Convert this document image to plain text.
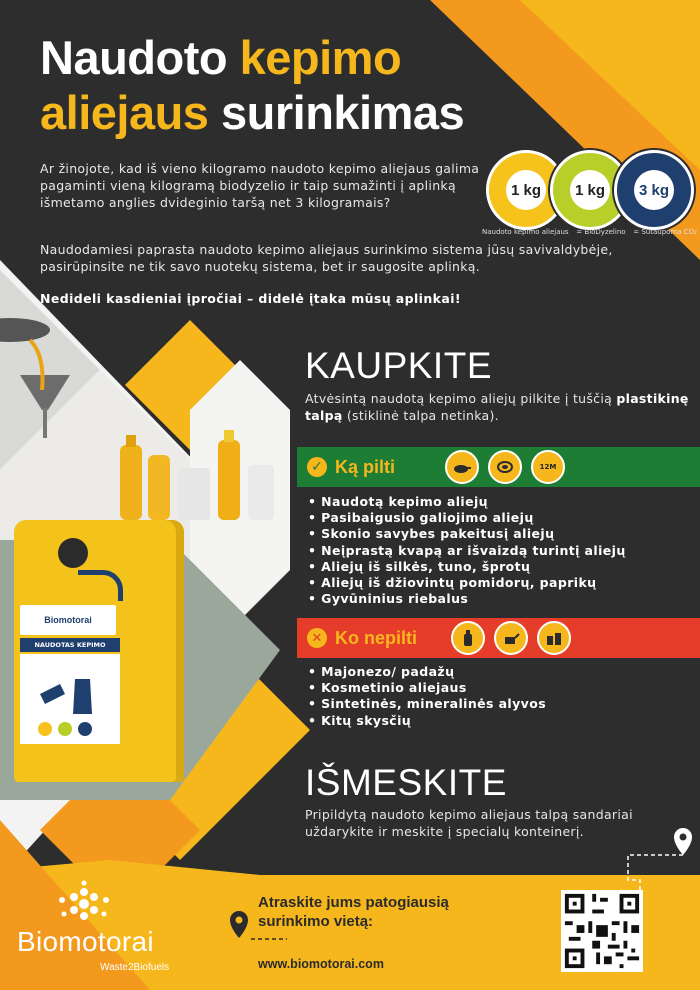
Biomotorai
NAUDOTAS KEPIMO
Naudoto kepimo
aliejaus surinkimas
Ar žinojote, kad iš vieno kilogramo naudoto kepimo aliejaus galima pagaminti vieną kilogramą biodyzelio ir taip sumažinti į aplinką išmetamo anglies dvideginio taršą net 3 kilogramais?
1 kg	1 kg	3 kg
Naudoto kepimo aliejaus = BioDyzelino = Sutaupoma CO₂
Naudodamiesi paprasta naudoto kepimo aliejaus surinkimo sistema jūsų savivaldybėje, pasirūpinsite ne tik savo nuotekų sistema, bet ir saugosite aplinką.
Nedideli kasdieniai įpročiai – didelė įtaka mūsų aplinkai!
KAUPKITE
Atvėsintą naudotą kepimo aliejų pilkite į tuščią plastikinę talpą (stiklinė talpa netinka).
✓ Ką pilti	12M
• Naudotą kepimo aliejų
• Pasibaigusio galiojimo aliejų
• Skonio savybes pakeitusį aliejų
• Neįprastą kvapą ar išvaizdą turintį aliejų
• Aliejų iš silkės, tuno, šprotų
• Aliejų iš džiovintų pomidorų, paprikų
• Gyvūninius riebalus
✕ Ko nepilti
• Majonezo/ padažų
• Kosmetinio aliejaus
• Sintetinės, mineralinės alyvos
• Kitų skysčių
IŠMESKITE
Pripildytą naudoto kepimo aliejaus talpą sandariai uždarykite ir meskite į specialų konteinerį.
Atraskite jums patogiausią
surinkimo vietą:
www.biomotorai.com
Biomotorai
Waste2Biofuels
